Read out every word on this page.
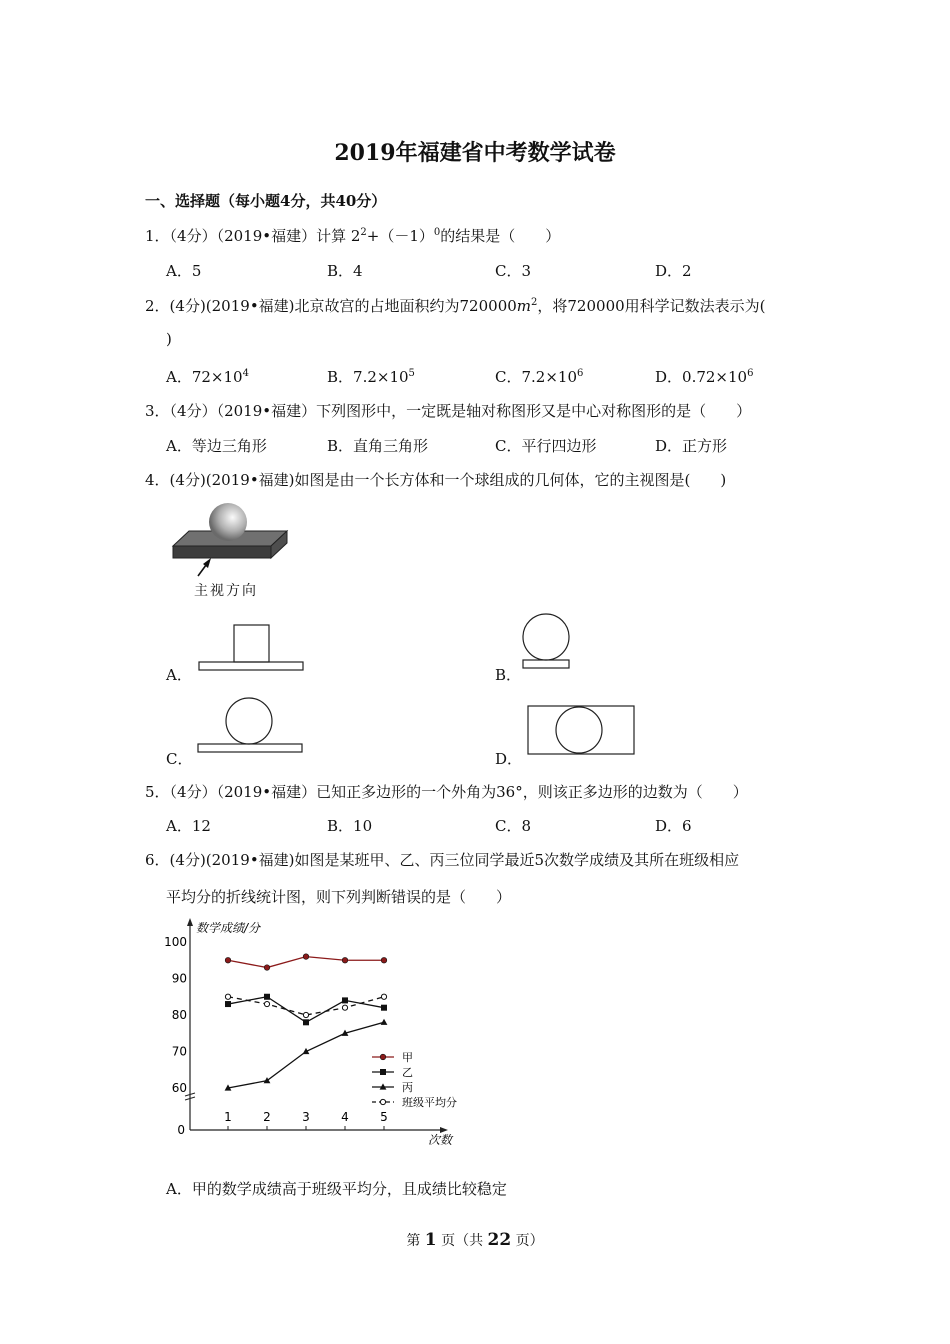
2019年福建省中考数学试卷
一、选择题（每小题4分，共40分）
1．（4分）（2019•福建）计算 $2^2+(-1)^0$的结果是（　　）
A．5	B．4	C．3	D．2
2．(4分)(2019•福建)北京故宫的占地面积约为$720000m^2$，将720000用科学记数法表示为(
)
A．$72\times 10^4$	B．$7.2\times 10^5$	C．$7.2\times 10^6$	D．$0.72\times 10^6$
3．（4分）（2019•福建）下列图形中，一定既是轴对称图形又是中心对称图形的是（　　）
A．等边三角形	B．直角三角形	C．平行四边形	D．正方形
4．(4分)(2019•福建)如图是由一个长方体和一个球组成的几何体，它的主视图是(　　)
主视方向
A．	B．
C．	D．
5．（4分）（2019•福建）已知正多边形的一个外角为36°，则该正多边形的边数为（　　）
A．12	B．10	C．8	D．6
6．(4分)(2019•福建)如图是某班甲、乙、丙三位同学最近5次数学成绩及其所在班级相应
平均分的折线统计图，则下列判断错误的是（　　）
60
70
80
90
100
0
1	2	3	4	5
数学成绩/分
次数
甲
乙
丙
班级平均分
A．甲的数学成绩高于班级平均分，且成绩比较稳定
第 1 页（共 22 页）
